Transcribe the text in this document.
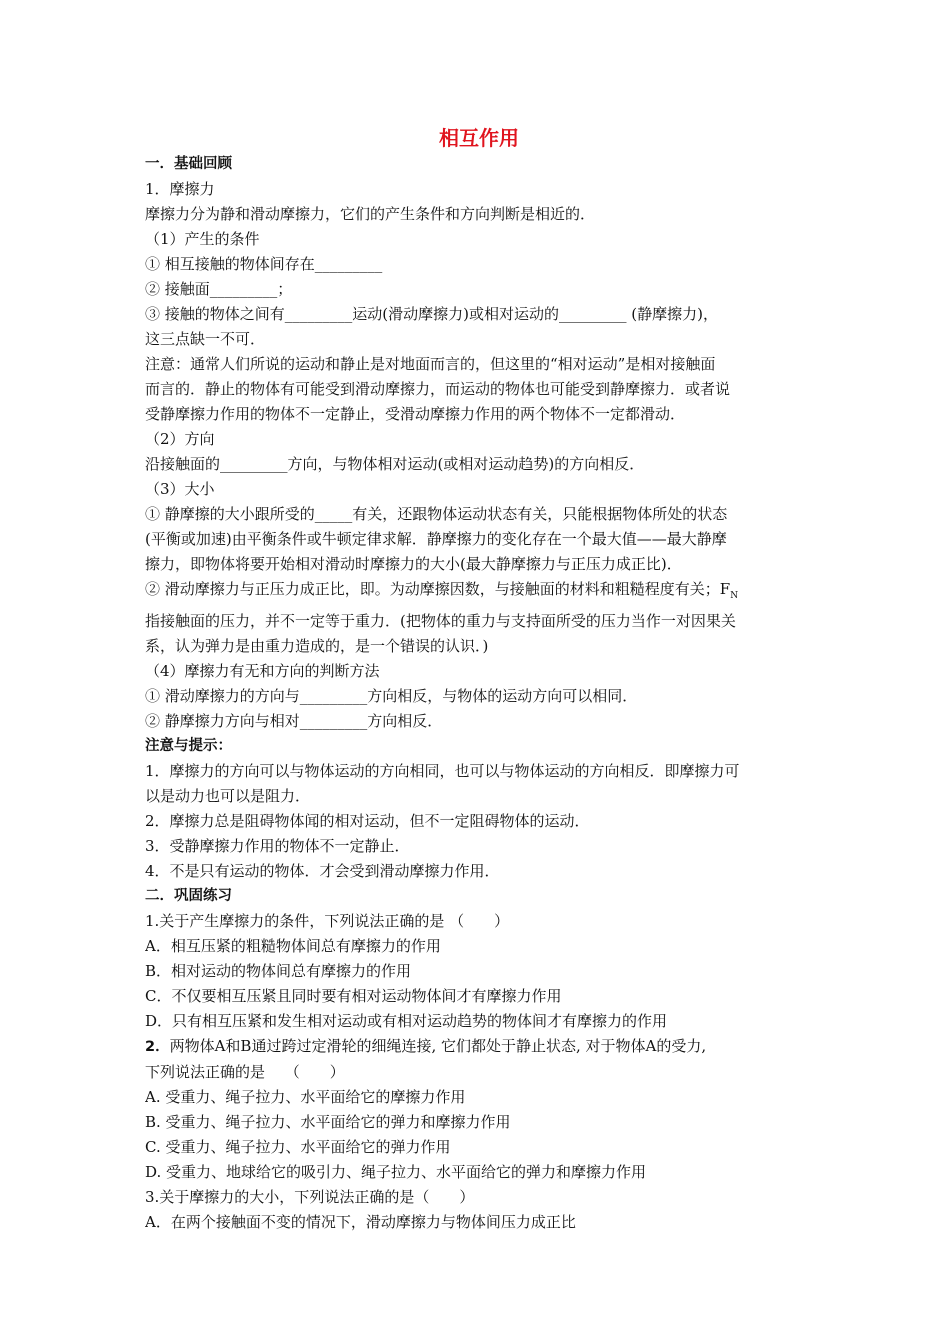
相互作用
一．基础回顾
1．摩擦力
摩擦力分为静和滑动摩擦力，它们的产生条件和方向判断是相近的．
（1）产生的条件
① 相互接触的物体间存在_________
② 接触面_________；
③ 接触的物体之间有_________运动(滑动摩擦力)或相对运动的_________ (静摩擦力)，
这三点缺一不可．
注意：通常人们所说的运动和静止是对地面而言的，但这里的“相对运动”是相对接触面
而言的．静止的物体有可能受到滑动摩擦力，而运动的物体也可能受到静摩擦力．或者说
受静摩擦力作用的物体不一定静止，受滑动摩擦力作用的两个物体不一定都滑动．
（2）方向
沿接触面的_________方向，与物体相对运动(或相对运动趋势)的方向相反．
（3）大小
① 静摩擦的大小跟所受的_____有关，还跟物体运动状态有关，只能根据物体所处的状态
(平衡或加速)由平衡条件或牛顿定律求解．静摩擦力的变化存在一个最大值——最大静摩
擦力，即物体将要开始相对滑动时摩擦力的大小(最大静摩擦力与正压力成正比)．
② 滑动摩擦力与正压力成正比，即。为动摩擦因数，与接触面的材料和粗糙程度有关；$F_N$
指接触面的压力，并不一定等于重力．(把物体的重力与支持面所受的压力当作一对因果关
系，认为弹力是由重力造成的，是一个错误的认识．)
（4）摩擦力有无和方向的判断方法
① 滑动摩擦力的方向与_________方向相反，与物体的运动方向可以相同．
② 静摩擦力方向与相对_________方向相反．
注意与提示：
1．摩擦力的方向可以与物体运动的方向相同，也可以与物体运动的方向相反．即摩擦力可
以是动力也可以是阻力．
2．摩擦力总是阻碍物体闻的相对运动，但不一定阻碍物体的运动．
3．受静摩擦力作用的物体不一定静止．
4．不是只有运动的物体．才会受到滑动摩擦力作用．
二．巩固练习
1.关于产生摩擦力的条件，下列说法正确的是 （　　）
A．相互压紧的粗糙物体间总有摩擦力的作用
B．相对运动的物体间总有摩擦力的作用
C．不仅要相互压紧且同时要有相对运动物体间才有摩擦力作用
D．只有相互压紧和发生相对运动或有相对运动趋势的物体间才有摩擦力的作用
2．两物体A和B通过跨过定滑轮的细绳连接, 它们都处于静止状态, 对于物体A的受力,
下列说法正确的是　 （　　）
A. 受重力、绳子拉力、水平面给它的摩擦力作用
B. 受重力、绳子拉力、水平面给它的弹力和摩擦力作用
C. 受重力、绳子拉力、水平面给它的弹力作用
D. 受重力、地球给它的吸引力、绳子拉力、水平面给它的弹力和摩擦力作用
3.关于摩擦力的大小，下列说法正确的是（　　）
A．在两个接触面不变的情况下，滑动摩擦力与物体间压力成正比
